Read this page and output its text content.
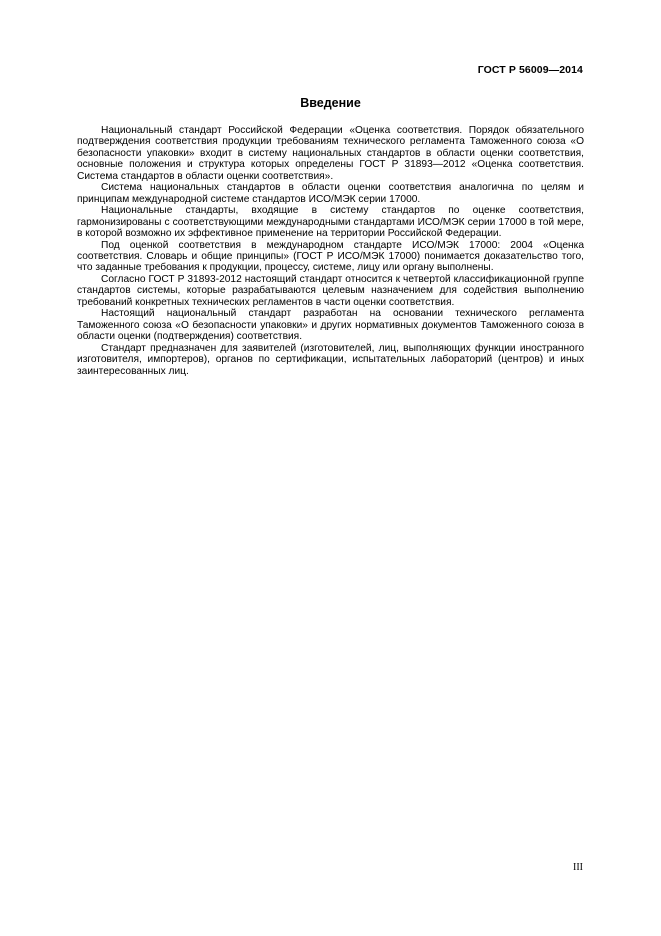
ГОСТ Р 56009—2014
Введение

Национальный стандарт Российской Федерации «Оценка соответствия. Порядок обязательного подтверждения соответствия продукции требованиям технического регламента Таможенного союза «О безопасности упаковки» входит в систему национальных стандартов в области оценки соответствия, основные положения и структура которых определены ГОСТ Р 31893—2012 «Оценка соответствия. Система стандартов в области оценки соответствия».

Система национальных стандартов в области оценки соответствия аналогична по целям и принципам международной системе стандартов ИСО/МЭК серии 17000.

Национальные стандарты, входящие в систему стандартов по оценке соответствия, гармонизированы с соответствующими международными стандартами ИСО/МЭК серии 17000 в той мере, в которой возможно их эффективное применение на территории Российской Федерации.

Под оценкой соответствия в международном стандарте ИСО/МЭК 17000: 2004 «Оценка соответствия. Словарь и общие принципы» (ГОСТ Р ИСО/МЭК 17000) понимается доказательство того, что заданные требования к продукции, процессу, системе, лицу или органу выполнены.

Согласно ГОСТ Р 31893-2012 настоящий стандарт относится к четвертой классификационной группе стандартов системы, которые разрабатываются целевым назначением для содействия выполнению требований конкретных технических регламентов в части оценки соответствия.

Настоящий национальный стандарт разработан на основании технического регламента Таможенного союза «О безопасности упаковки» и других нормативных документов Таможенного союза в области оценки (подтверждения) соответствия.

Стандарт предназначен для заявителей (изготовителей, лиц, выполняющих функции иностранного изготовителя, импортеров), органов по сертификации, испытательных лабораторий (центров) и иных заинтересованных лиц.

III
